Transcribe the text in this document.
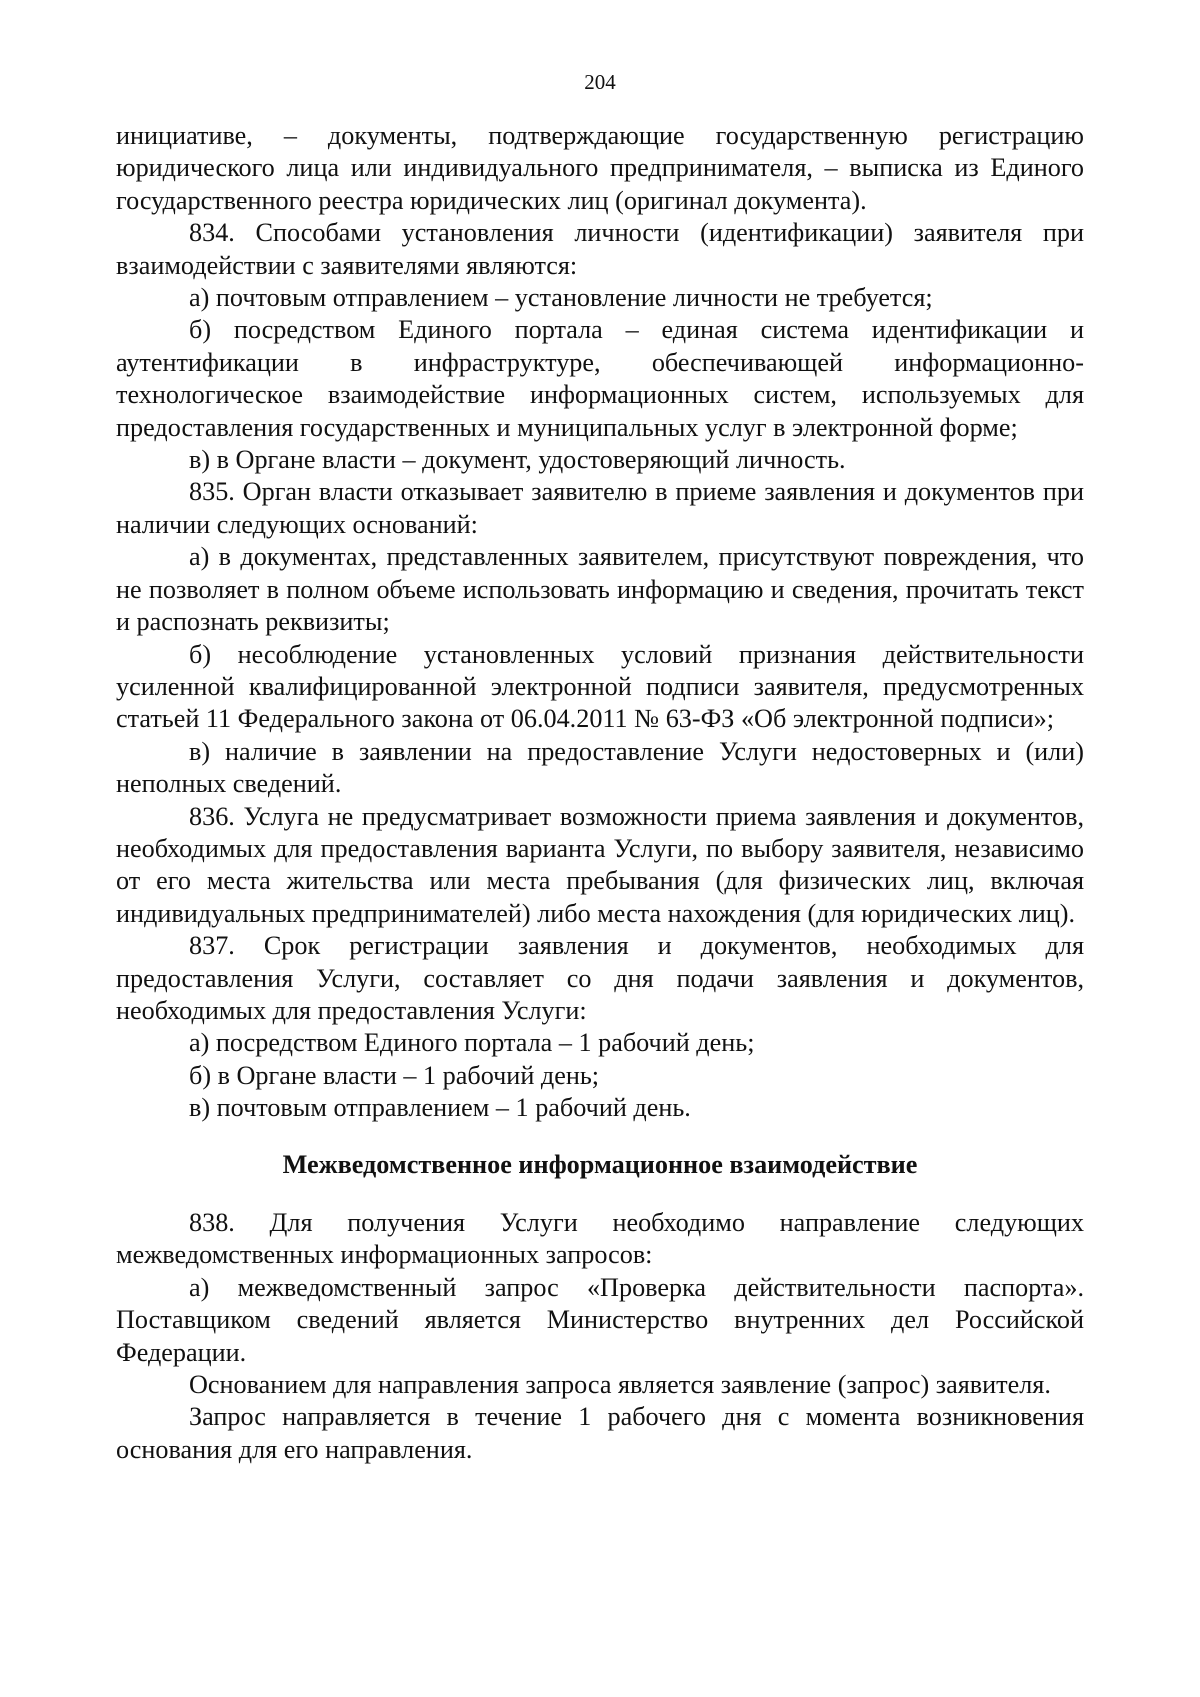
204

инициативе, – документы, подтверждающие государственную регистрацию юридического лица или индивидуального предпринимателя, – выписка из Единого государственного реестра юридических лиц (оригинал документа).

834. Способами установления личности (идентификации) заявителя при взаимодействии с заявителями являются:

а) почтовым отправлением – установление личности не требуется;

б) посредством Единого портала – единая система идентификации и аутентификации в инфраструктуре, обеспечивающей информационно-технологическое взаимодействие информационных систем, используемых для предоставления государственных и муниципальных услуг в электронной форме;

в) в Органе власти – документ, удостоверяющий личность.

835. Орган власти отказывает заявителю в приеме заявления и документов при наличии следующих оснований:

а) в документах, представленных заявителем, присутствуют повреждения, что не позволяет в полном объеме использовать информацию и сведения, прочитать текст и распознать реквизиты;

б) несоблюдение установленных условий признания действительности усиленной квалифицированной электронной подписи заявителя, предусмотренных статьей 11 Федерального закона от 06.04.2011 № 63-ФЗ «Об электронной подписи»;

в) наличие в заявлении на предоставление Услуги недостоверных и (или) неполных сведений.

836. Услуга не предусматривает возможности приема заявления и документов, необходимых для предоставления варианта Услуги, по выбору заявителя, независимо от его места жительства или места пребывания (для физических лиц, включая индивидуальных предпринимателей) либо места нахождения (для юридических лиц).

837. Срок регистрации заявления и документов, необходимых для предоставления Услуги, составляет со дня подачи заявления и документов, необходимых для предоставления Услуги:

а) посредством Единого портала – 1 рабочий день;

б) в Органе власти – 1 рабочий день;

в) почтовым отправлением – 1 рабочий день.

Межведомственное информационное взаимодействие

838. Для получения Услуги необходимо направление следующих межведомственных информационных запросов:

а) межведомственный запрос «Проверка действительности паспорта». Поставщиком сведений является Министерство внутренних дел Российской Федерации.

Основанием для направления запроса является заявление (запрос) заявителя.

Запрос направляется в течение 1 рабочего дня с момента возникновения основания для его направления.
